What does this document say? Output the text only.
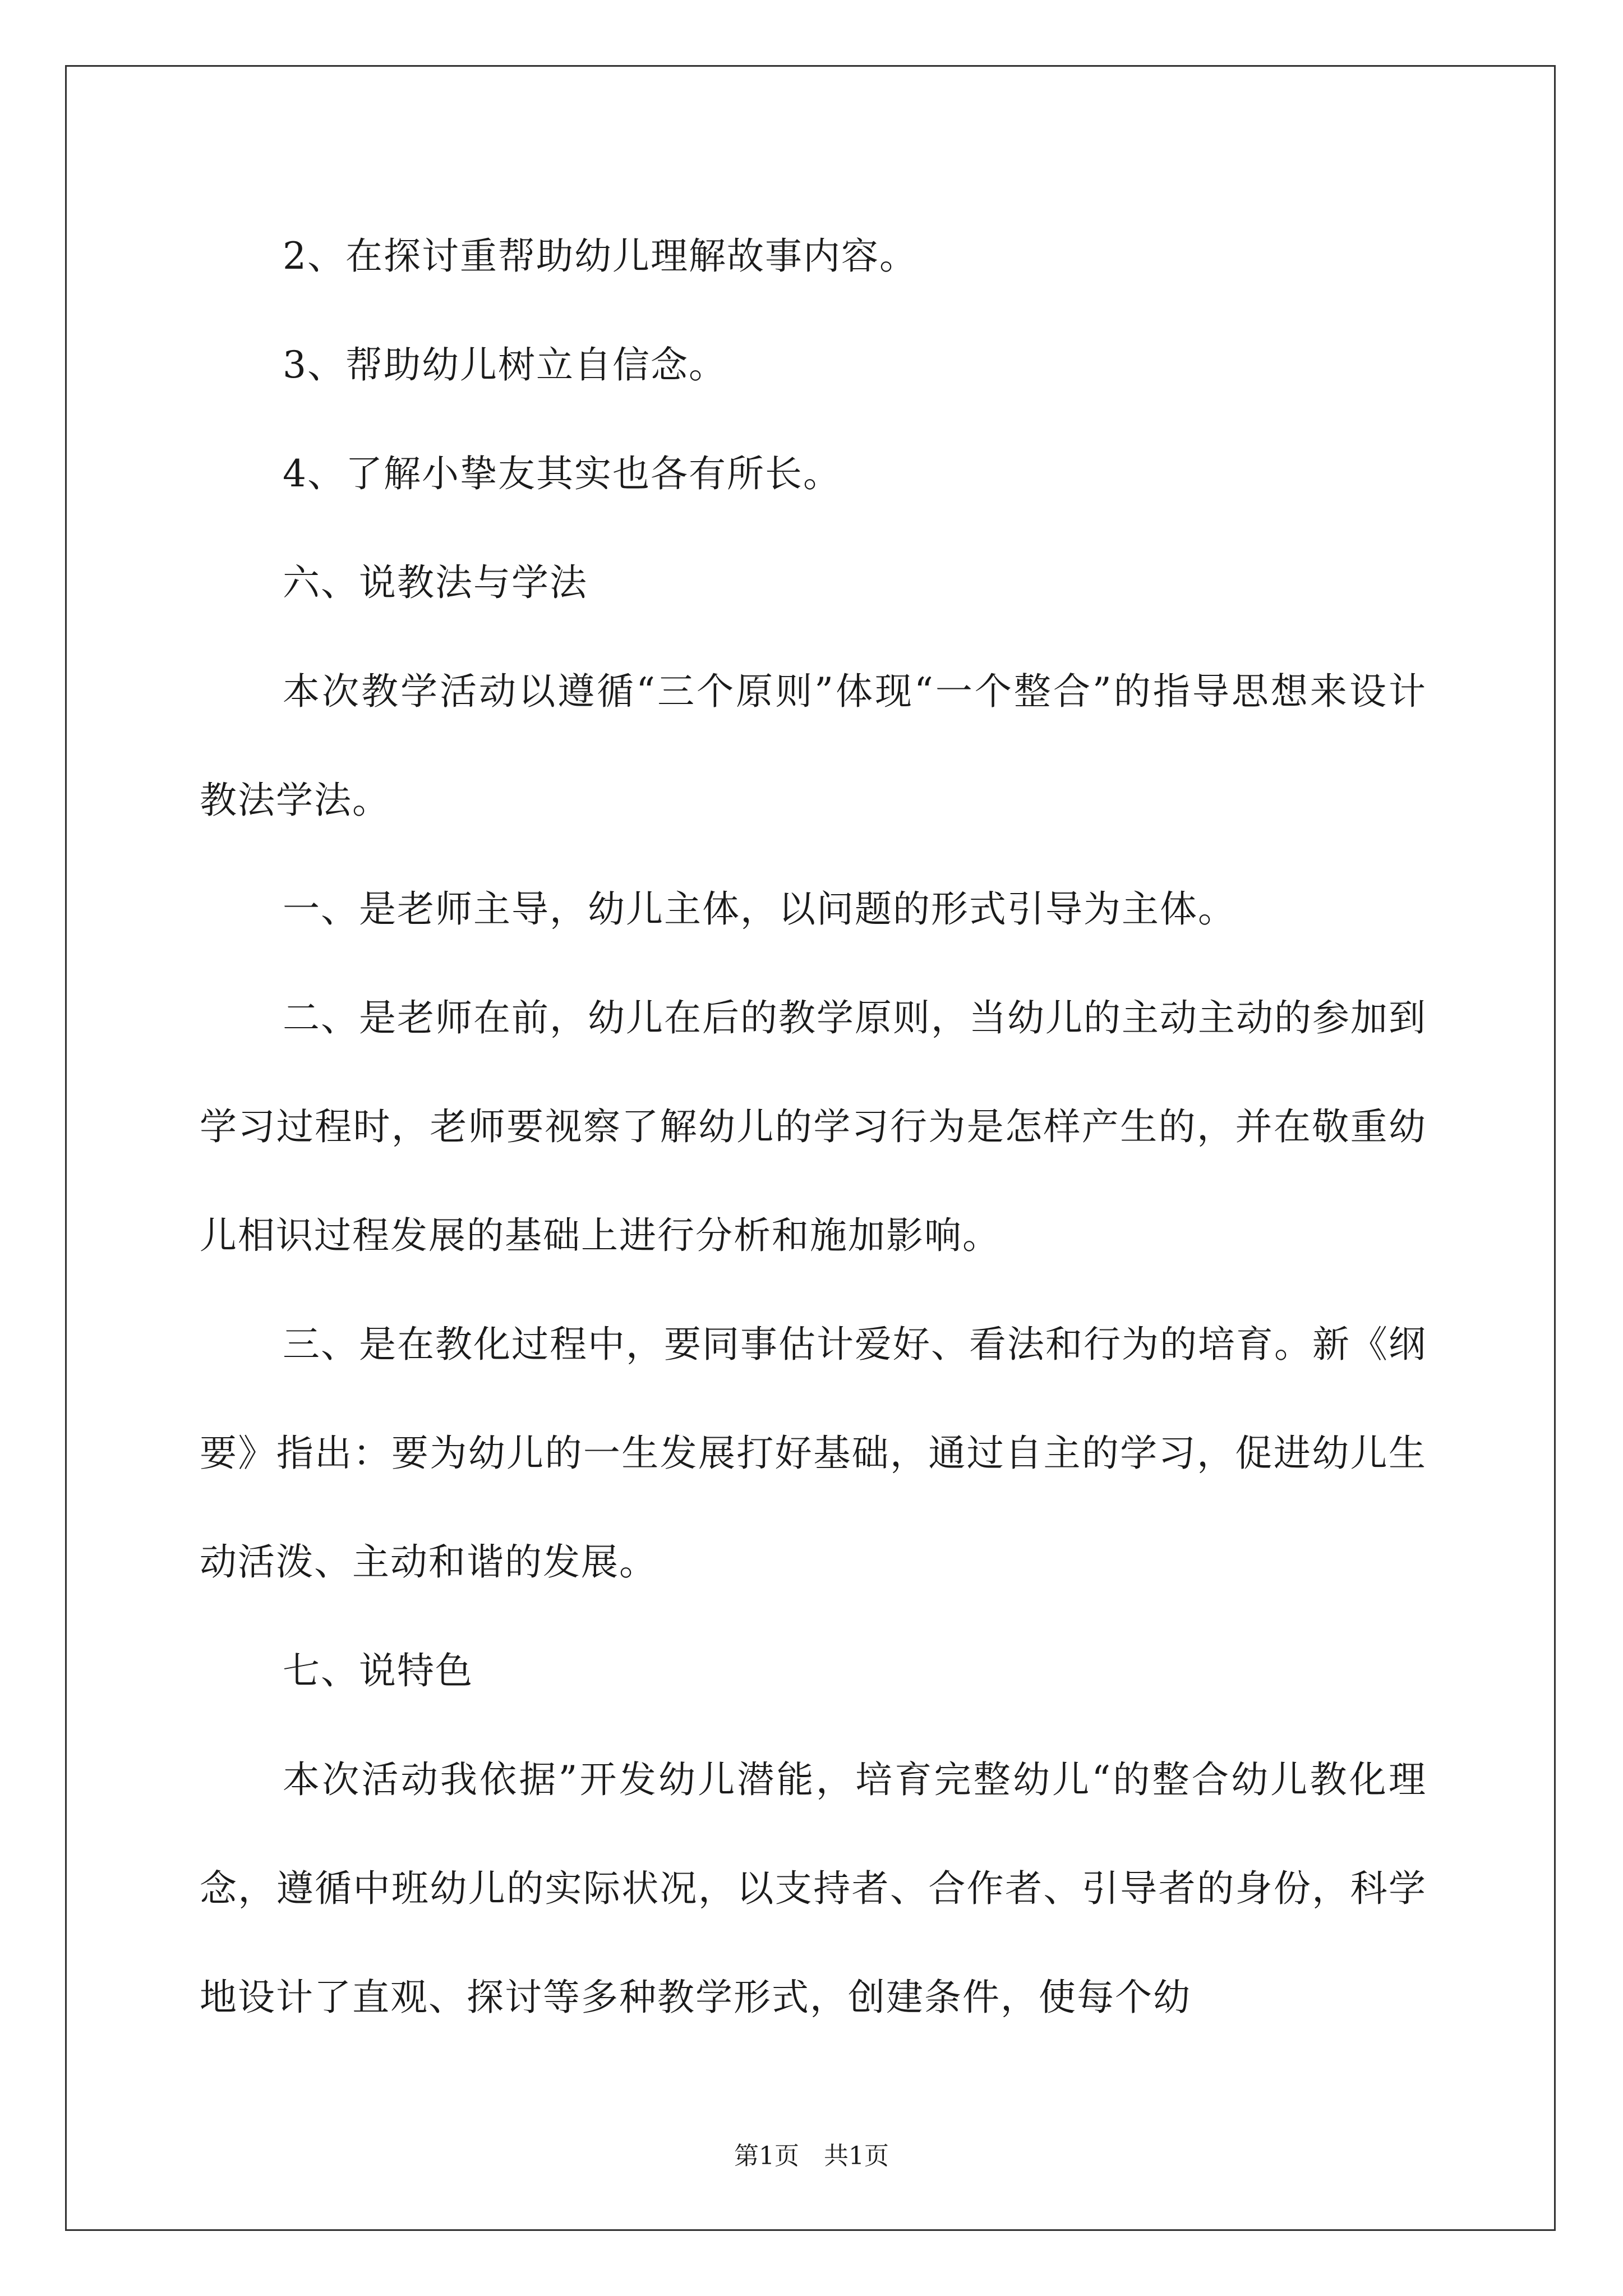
2、在探讨重帮助幼儿理解故事内容。

3、帮助幼儿树立自信念。

4、了解小挚友其实也各有所长。

六、说教法与学法

本次教学活动以遵循“三个原则”体现“一个整合”的指导思想来设计教法学法。

一、是老师主导，幼儿主体，以问题的形式引导为主体。

二、是老师在前，幼儿在后的教学原则，当幼儿的主动主动的参加到学习过程时，老师要视察了解幼儿的学习行为是怎样产生的，并在敬重幼儿相识过程发展的基础上进行分析和施加影响。

三、是在教化过程中，要同事估计爱好、看法和行为的培育。新《纲要》指出：要为幼儿的一生发展打好基础，通过自主的学习，促进幼儿生动活泼、主动和谐的发展。

七、说特色

本次活动我依据”开发幼儿潜能，培育完整幼儿“的整合幼儿教化理念，遵循中班幼儿的实际状况，以支持者、合作者、引导者的身份，科学地设计了直观、探讨等多种教学形式，创建条件，使每个幼

第1页　共1页
